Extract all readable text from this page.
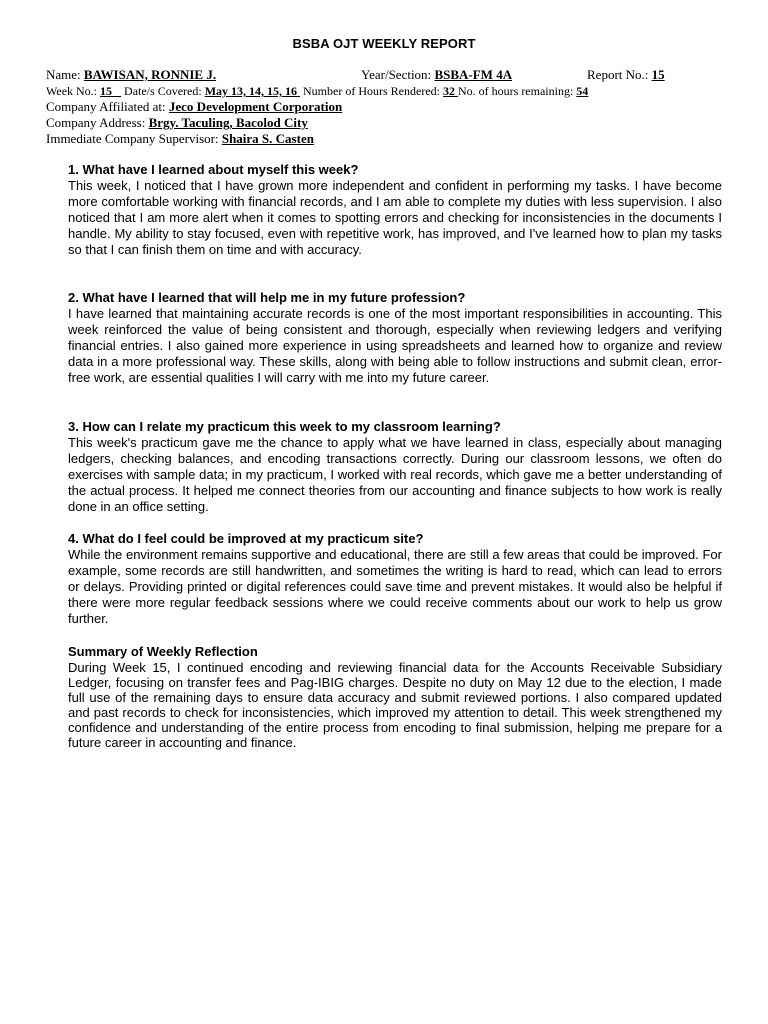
BSBA OJT WEEKLY REPORT
Name: BAWISAN, RONNIE J.	Year/Section: BSBA-FM 4A	Report No.: 15
Week No.: 15 Date/s Covered: May 13, 14, 15, 16 Number of Hours Rendered: 32 No. of hours remaining: 54
Company Affiliated at: Jeco Development Corporation
Company Address: Brgy. Taculing, Bacolod City
Immediate Company Supervisor: Shaira S. Casten

1. What have I learned about myself this week?

This week, I noticed that I have grown more independent and confident in performing my tasks. I have become more comfortable working with financial records, and I am able to complete my duties with less supervision. I also noticed that I am more alert when it comes to spotting errors and checking for inconsistencies in the documents I handle. My ability to stay focused, even with repetitive work, has improved, and I've learned how to plan my tasks so that I can finish them on time and with accuracy.

2. What have I learned that will help me in my future profession?

I have learned that maintaining accurate records is one of the most important responsibilities in accounting. This week reinforced the value of being consistent and thorough, especially when reviewing ledgers and verifying financial entries. I also gained more experience in using spreadsheets and learned how to organize and review data in a more professional way. These skills, along with being able to follow instructions and submit clean, error-free work, are essential qualities I will carry with me into my future career.

3. How can I relate my practicum this week to my classroom learning?

This week's practicum gave me the chance to apply what we have learned in class, especially about managing ledgers, checking balances, and encoding transactions correctly. During our classroom lessons, we often do exercises with sample data; in my practicum, I worked with real records, which gave me a better understanding of the actual process. It helped me connect theories from our accounting and finance subjects to how work is really done in an office setting.

4. What do I feel could be improved at my practicum site?

While the environment remains supportive and educational, there are still a few areas that could be improved. For example, some records are still handwritten, and sometimes the writing is hard to read, which can lead to errors or delays. Providing printed or digital references could save time and prevent mistakes. It would also be helpful if there were more regular feedback sessions where we could receive comments about our work to help us grow further.

Summary of Weekly Reflection

During Week 15, I continued encoding and reviewing financial data for the Accounts Receivable Subsidiary Ledger, focusing on transfer fees and Pag-IBIG charges. Despite no duty on May 12 due to the election, I made full use of the remaining days to ensure data accuracy and submit reviewed portions. I also compared updated and past records to check for inconsistencies, which improved my attention to detail. This week strengthened my confidence and understanding of the entire process from encoding to final submission, helping me prepare for a future career in accounting and finance.
